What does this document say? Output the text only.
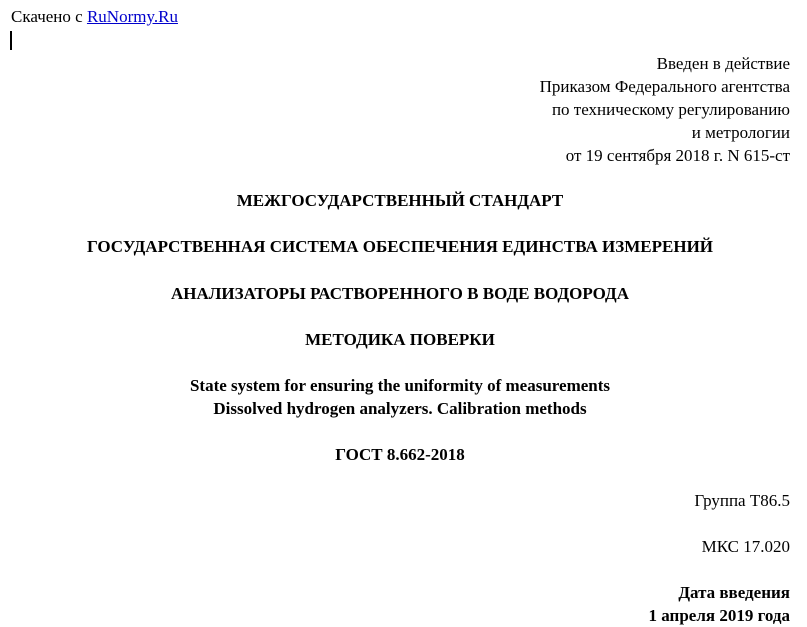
Скачено с RuNormy.Ru
Введен в действие
Приказом Федерального агентства
по техническому регулированию
и метрологии
от 19 сентября 2018 г. N 615-ст
МЕЖГОСУДАРСТВЕННЫЙ СТАНДАРТ
ГОСУДАРСТВЕННАЯ СИСТЕМА ОБЕСПЕЧЕНИЯ ЕДИНСТВА ИЗМЕРЕНИЙ
АНАЛИЗАТОРЫ РАСТВОРЕННОГО В ВОДЕ ВОДОРОДА
МЕТОДИКА ПОВЕРКИ
State system for ensuring the uniformity of measurements
Dissolved hydrogen analyzers. Calibration methods
ГОСТ 8.662-2018
Группа Т86.5
МКС 17.020
Дата введения
1 апреля 2019 года
